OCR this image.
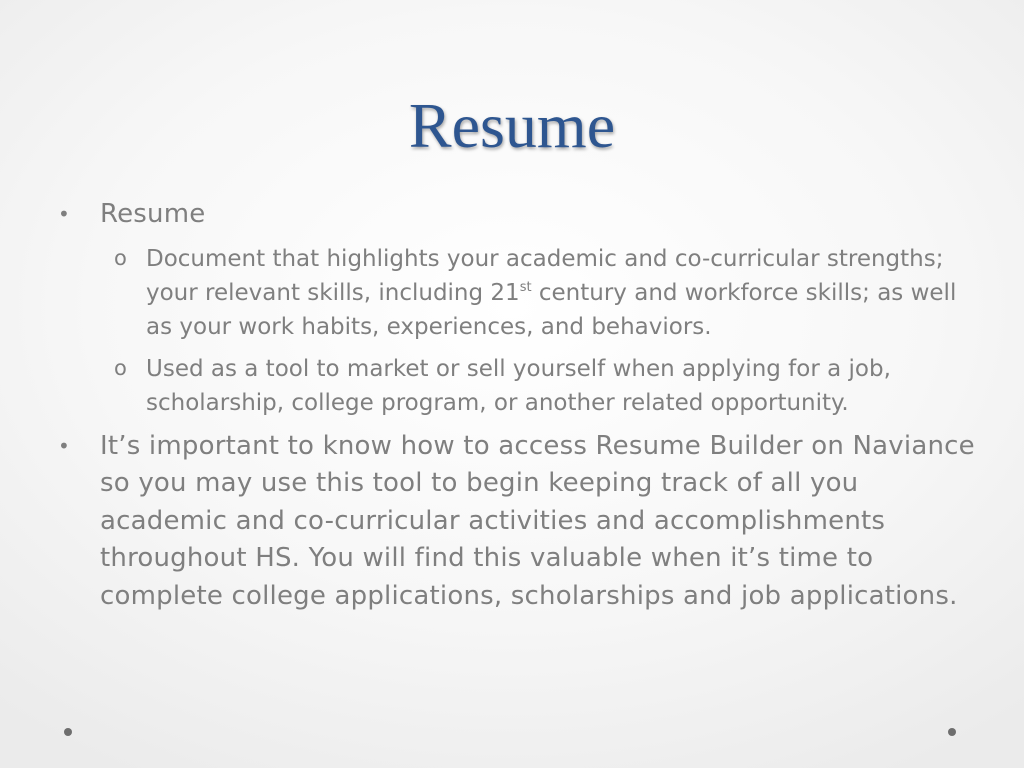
Resume
• Resume
o Document that highlights your academic and co-curricular strengths; your relevant skills, including 21st century and workforce skills; as well as your work habits, experiences, and behaviors.
o Used as a tool to market or sell yourself when applying for a job, scholarship, college program, or another related opportunity.
• It’s important to know how to access Resume Builder on Naviance so you may use this tool to begin keeping track of all you academic and co-curricular activities and accomplishments throughout HS. You will find this valuable when it’s time to complete college applications, scholarships and job applications.
